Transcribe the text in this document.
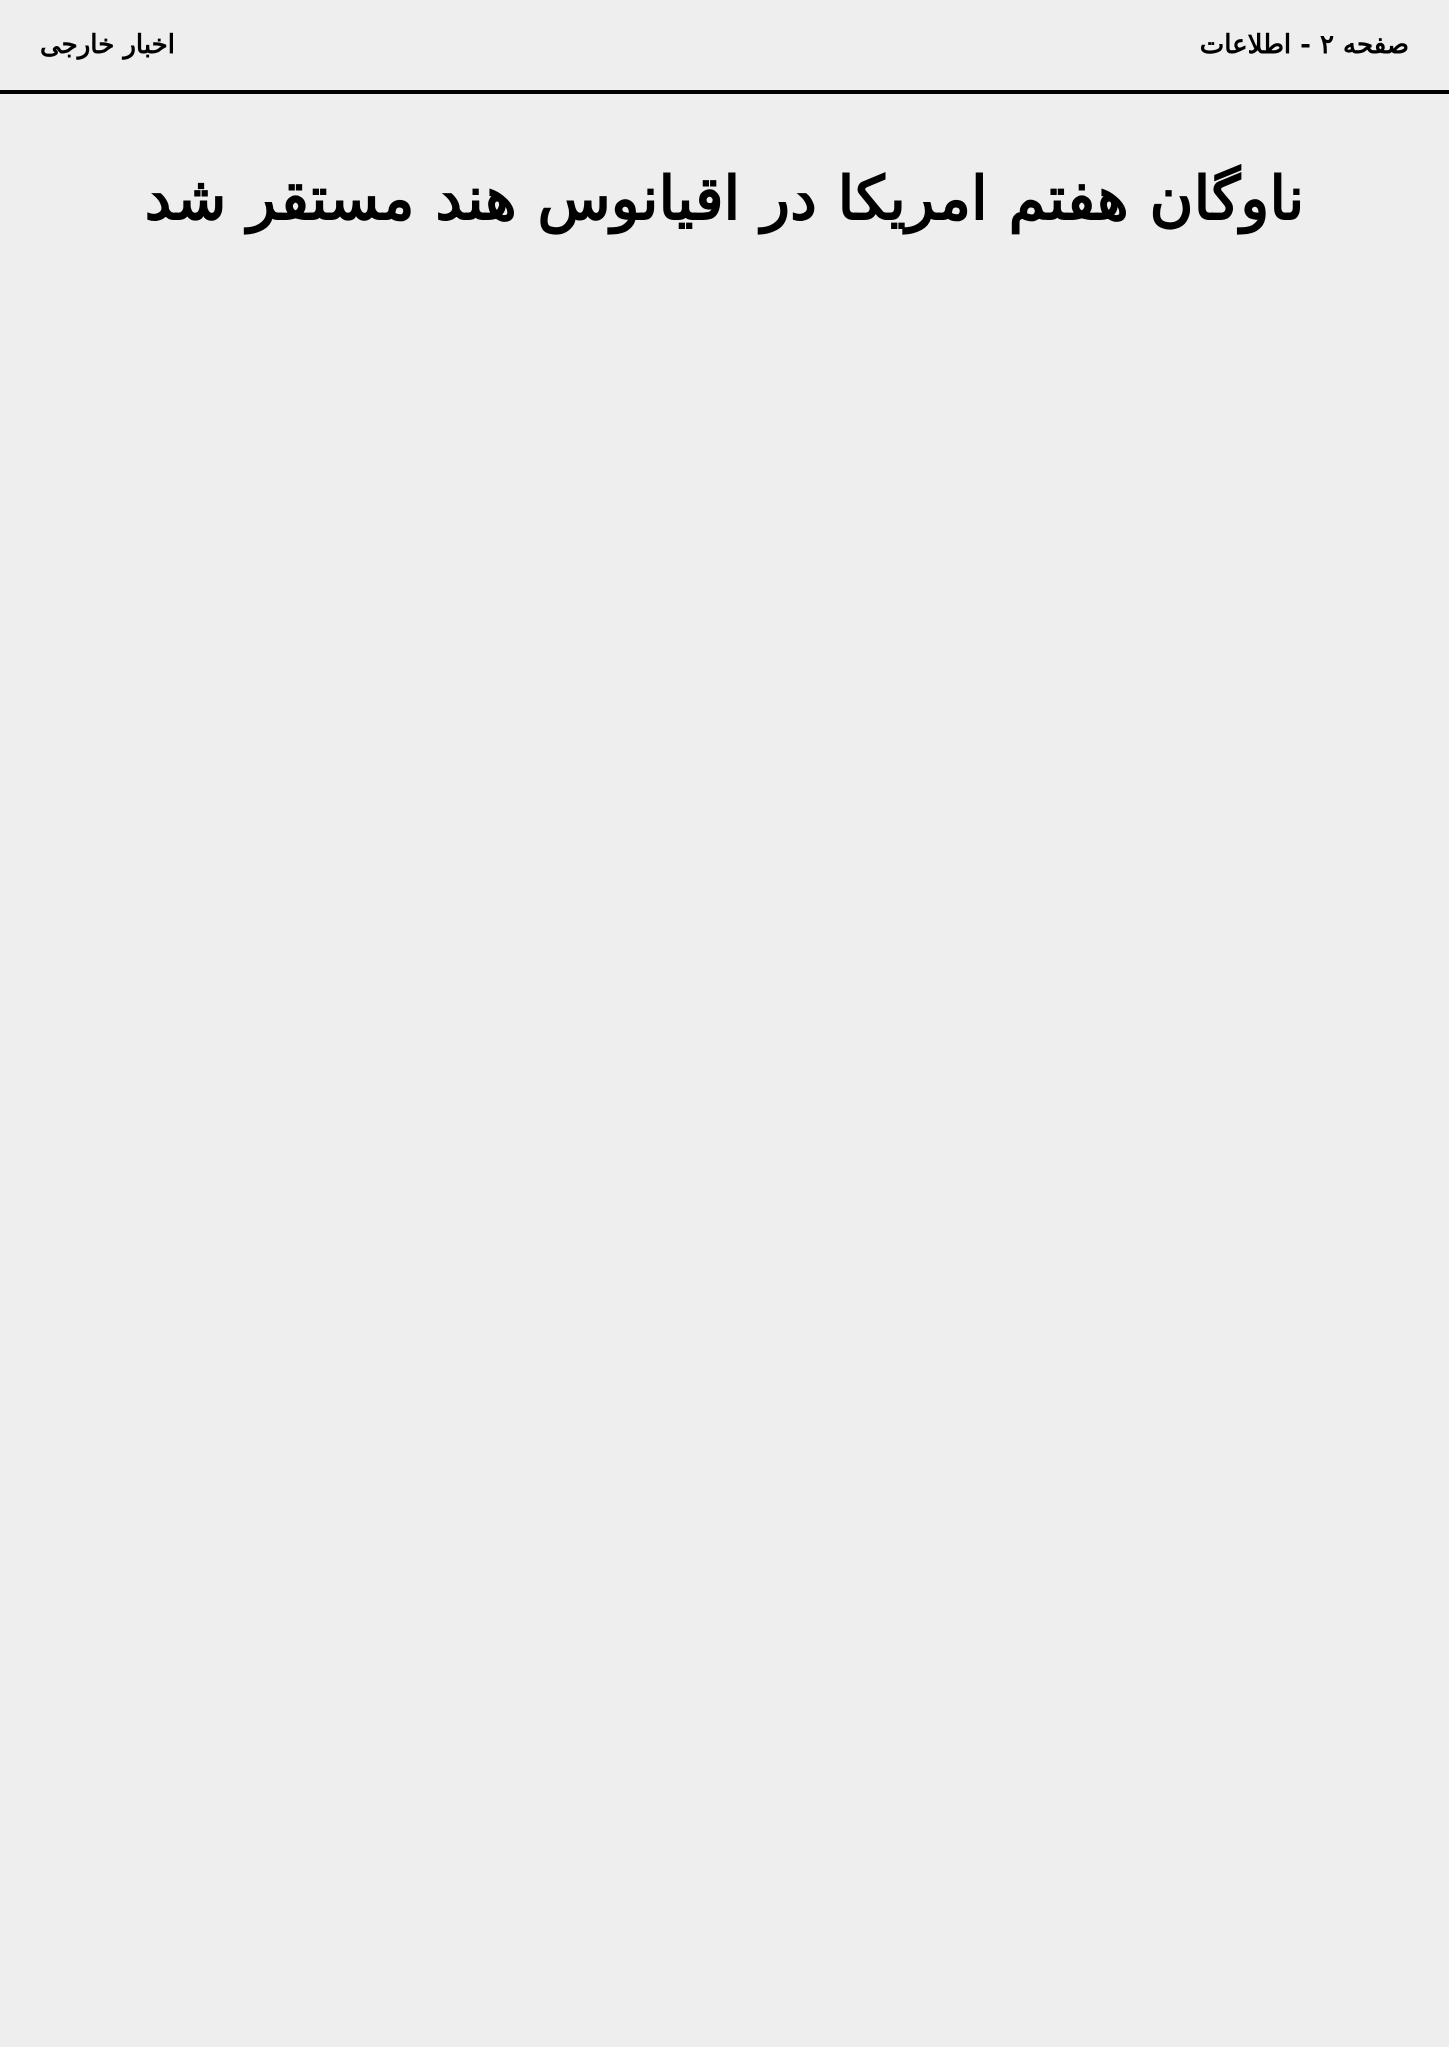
صفحه ۲ - اطلاعات
اخبار خارجی
ناوگان هفتم امریکا در اقیانوس هند مستقر شد
